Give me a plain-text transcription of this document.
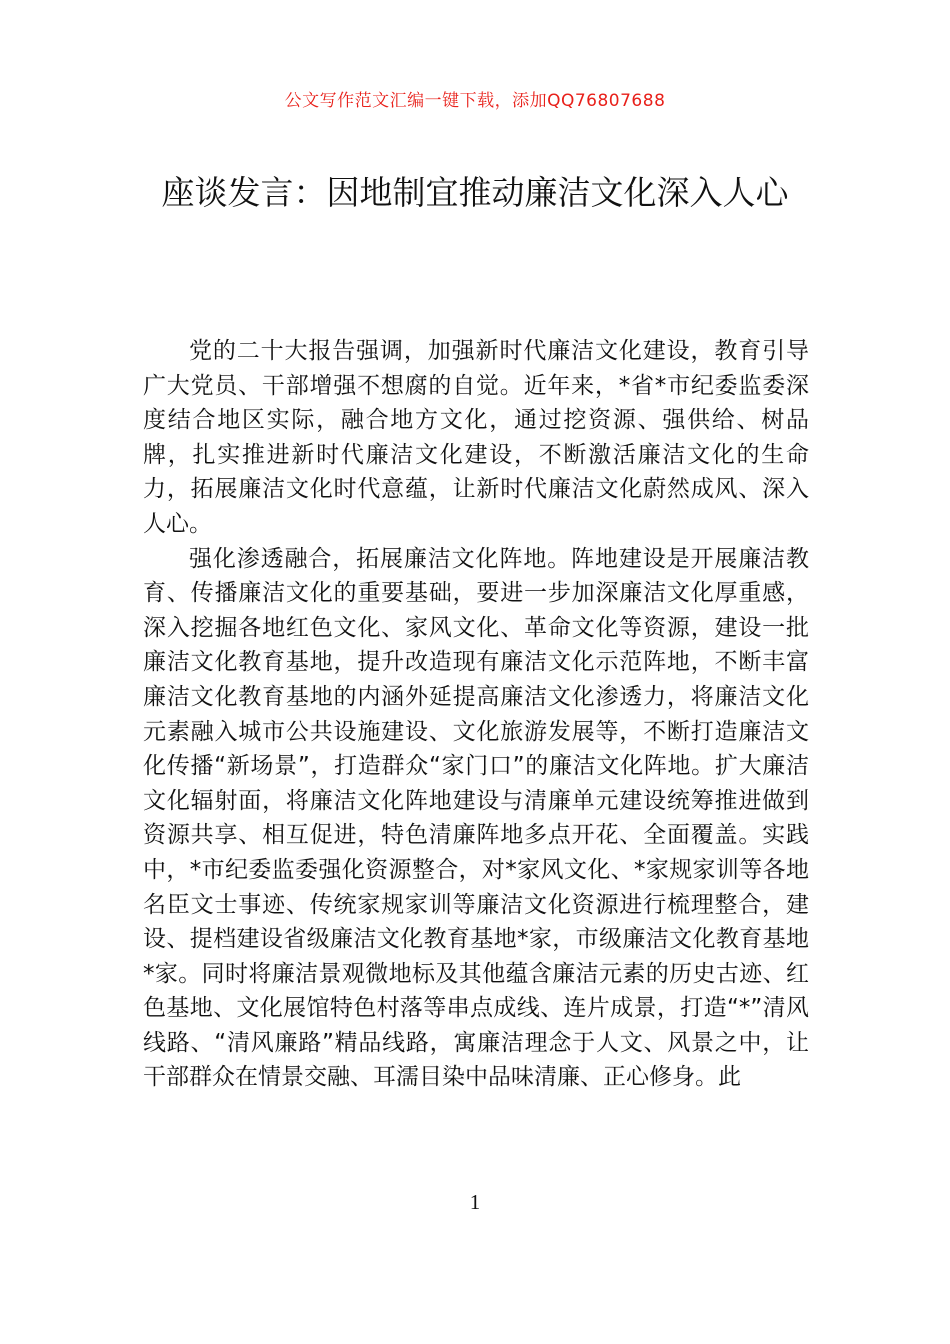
公文写作范文汇编一键下载，添加QQ76807688
座谈发言：因地制宜推动廉洁文化深入人心

党的二十大报告强调，加强新时代廉洁文化建设，教育引导广大党员、干部增强不想腐的自觉。近年来，*省*市纪委监委深度结合地区实际，融合地方文化，通过挖资源、强供给、树品牌，扎实推进新时代廉洁文化建设，不断激活廉洁文化的生命力，拓展廉洁文化时代意蕴，让新时代廉洁文化蔚然成风、深入人心。

强化渗透融合，拓展廉洁文化阵地。阵地建设是开展廉洁教育、传播廉洁文化的重要基础，要进一步加深廉洁文化厚重感，深入挖掘各地红色文化、家风文化、革命文化等资源，建设一批廉洁文化教育基地，提升改造现有廉洁文化示范阵地，不断丰富廉洁文化教育基地的内涵外延提高廉洁文化渗透力，将廉洁文化元素融入城市公共设施建设、文化旅游发展等，不断打造廉洁文化传播“新场景”，打造群众“家门口”的廉洁文化阵地。扩大廉洁文化辐射面，将廉洁文化阵地建设与清廉单元建设统筹推进做到资源共享、相互促进，特色清廉阵地多点开花、全面覆盖。实践中，*市纪委监委强化资源整合，对*家风文化、*家规家训等各地名臣文士事迹、传统家规家训等廉洁文化资源进行梳理整合，建设、提档建设省级廉洁文化教育基地*家，市级廉洁文化教育基地*家。同时将廉洁景观微地标及其他蕴含廉洁元素的历史古迹、红色基地、文化展馆特色村落等串点成线、连片成景，打造“*”清风线路、“清风廉路”精品线路，寓廉洁理念于人文、风景之中，让干部群众在情景交融、耳濡目染中品味清廉、正心修身。此

1
